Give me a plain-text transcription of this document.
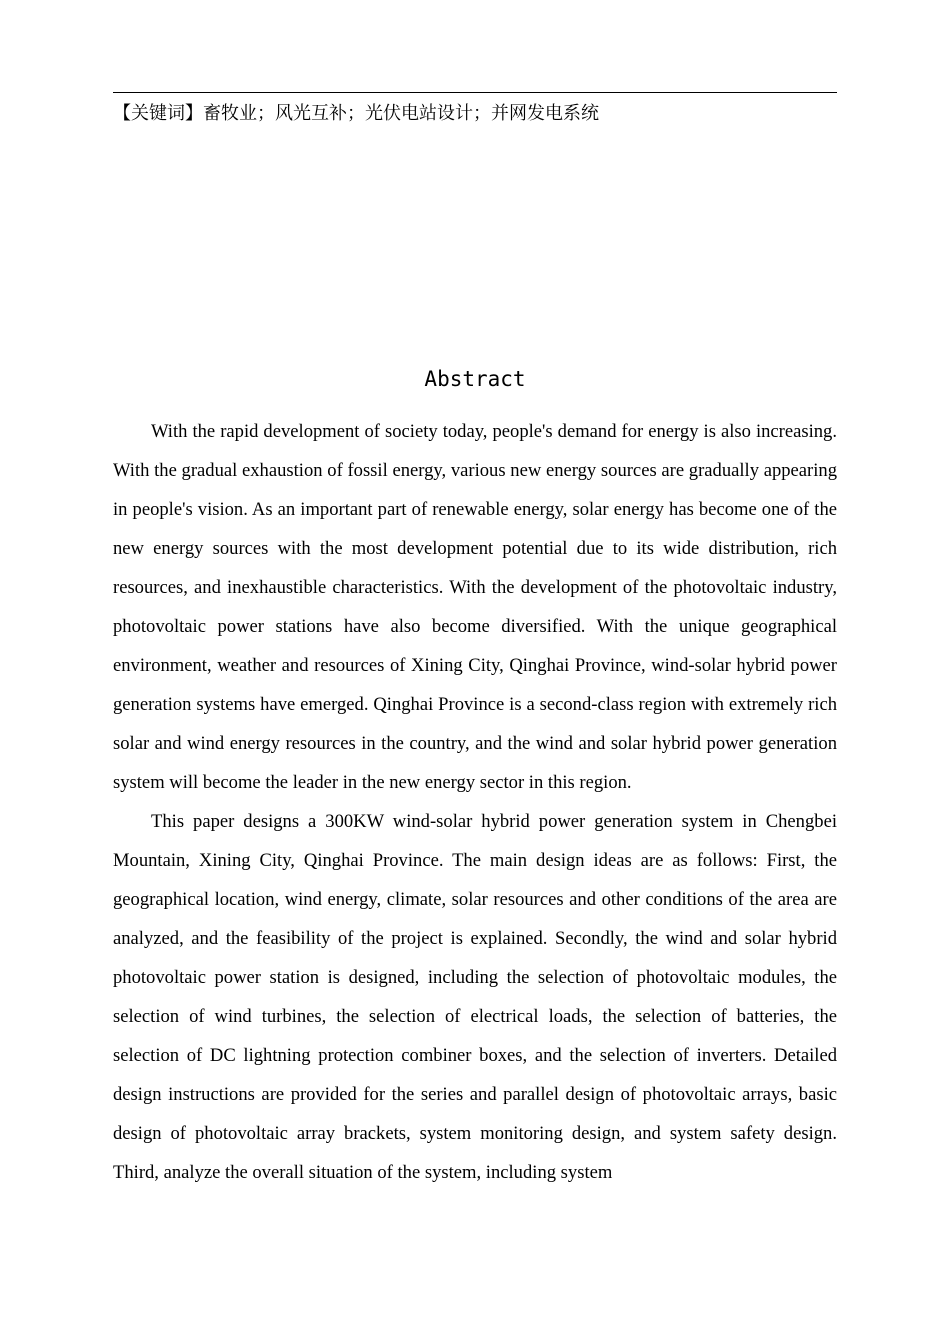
【关键词】畜牧业；风光互补；光伏电站设计；并网发电系统
Abstract

With the rapid development of society today, people's demand for energy is also increasing. With the gradual exhaustion of fossil energy, various new energy sources are gradually appearing in people's vision. As an important part of renewable energy, solar energy has become one of the new energy sources with the most development potential due to its wide distribution, rich resources, and inexhaustible characteristics. With the development of the photovoltaic industry, photovoltaic power stations have also become diversified. With the unique geographical environment, weather and resources of Xining City, Qinghai Province, wind-solar hybrid power generation systems have emerged. Qinghai Province is a second-class region with extremely rich solar and wind energy resources in the country, and the wind and solar hybrid power generation system will become the leader in the new energy sector in this region.

This paper designs a 300KW wind-solar hybrid power generation system in Chengbei Mountain, Xining City, Qinghai Province. The main design ideas are as follows: First, the geographical location, wind energy, climate, solar resources and other conditions of the area are analyzed, and the feasibility of the project is explained. Secondly, the wind and solar hybrid photovoltaic power station is designed, including the selection of photovoltaic modules, the selection of wind turbines, the selection of electrical loads, the selection of batteries, the selection of DC lightning protection combiner boxes, and the selection of inverters. Detailed design instructions are provided for the series and parallel design of photovoltaic arrays, basic design of photovoltaic array brackets, system monitoring design, and system safety design. Third, analyze the overall situation of the system, including system
